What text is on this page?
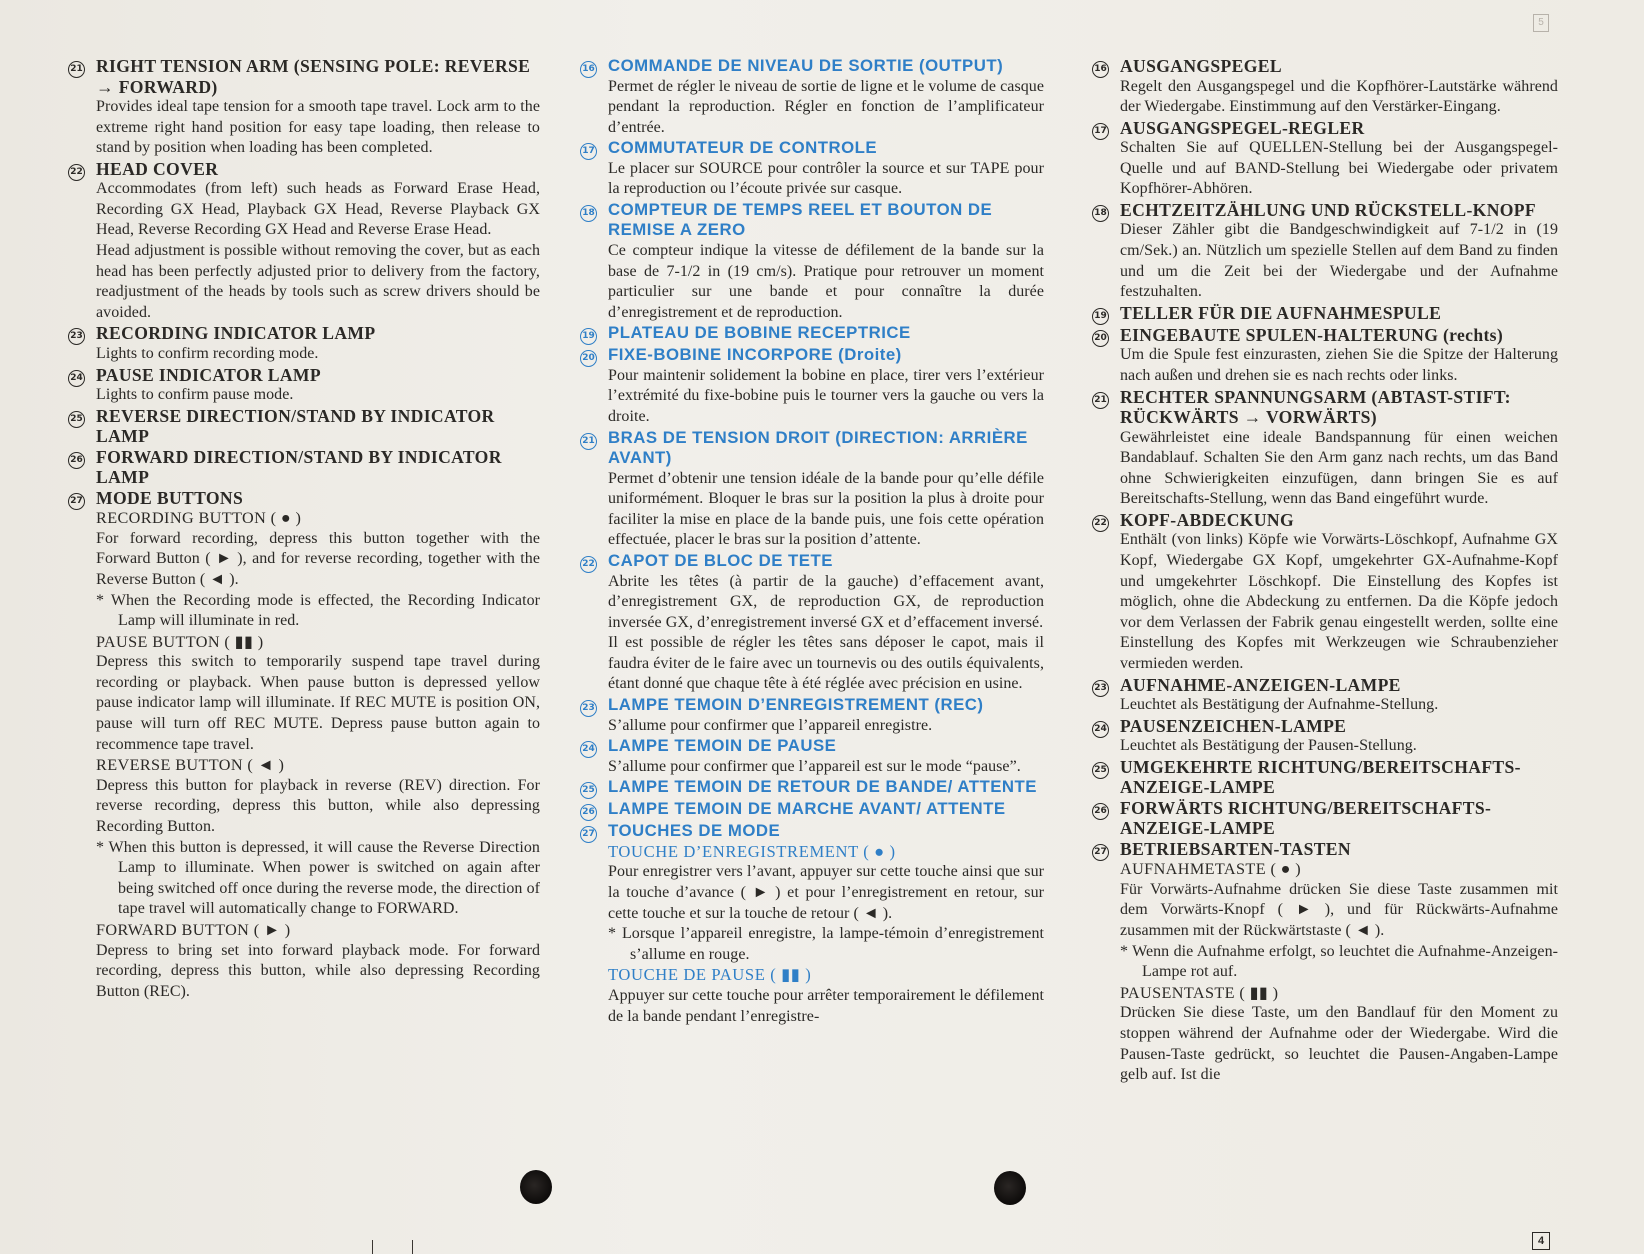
5
21 RIGHT TENSION ARM (SENSING POLE: REVERSE → FORWARD)

Provides ideal tape tension for a smooth tape travel. Lock arm to the extreme right hand position for easy tape loading, then release to stand by position when loading has been completed.

22 HEAD COVER

Accommodates (from left) such heads as Forward Erase Head, Recording GX Head, Playback GX Head, Reverse Playback GX Head, Reverse Recording GX Head and Reverse Erase Head.

Head adjustment is possible without removing the cover, but as each head has been perfectly adjusted prior to delivery from the factory, readjustment of the heads by tools such as screw drivers should be avoided.

23 RECORDING INDICATOR LAMP

Lights to confirm recording mode.

24 PAUSE INDICATOR LAMP

Lights to confirm pause mode.

25 REVERSE DIRECTION/STAND BY INDICATOR LAMP
26 FORWARD DIRECTION/STAND BY INDICATOR LAMP
27 MODE BUTTONS

RECORDING BUTTON ( ● )

For forward recording, depress this button together with the Forward Button ( ► ), and for reverse recording, together with the Reverse Button ( ◄ ).

* When the Recording mode is effected, the Recording Indicator Lamp will illuminate in red.

PAUSE BUTTON ( ▮▮ )

Depress this switch to temporarily suspend tape travel during recording or playback. When pause button is depressed yellow pause indicator lamp will illuminate. If REC MUTE is position ON, pause will turn off REC MUTE. Depress pause button again to recommence tape travel.

REVERSE BUTTON ( ◄ )

Depress this button for playback in reverse (REV) direction. For reverse recording, depress this button, while also depressing Recording Button.

* When this button is depressed, it will cause the Reverse Direction Lamp to illuminate. When power is switched on again after being switched off once during the reverse mode, the direction of tape travel will automatically change to FORWARD.

FORWARD BUTTON ( ► )

Depress to bring set into forward playback mode. For forward recording, depress this button, while also depressing Recording Button (REC).

16 COMMANDE DE NIVEAU DE SORTIE (OUTPUT)

Permet de régler le niveau de sortie de ligne et le volume de casque pendant la reproduction. Régler en fonction de l’amplificateur d’entrée.

17 COMMUTATEUR DE CONTROLE

Le placer sur SOURCE pour contrôler la source et sur TAPE pour la reproduction ou l’écoute privée sur casque.

18 COMPTEUR DE TEMPS REEL ET BOUTON DE REMISE A ZERO

Ce compteur indique la vitesse de défilement de la bande sur la base de 7-1/2 in (19 cm/s). Pratique pour retrouver un moment particulier sur une bande et pour connaître la durée d’enregistrement et de reproduction.

19 PLATEAU DE BOBINE RECEPTRICE
20 FIXE-BOBINE INCORPORE (Droite)

Pour maintenir solidement la bobine en place, tirer vers l’extérieur l’extrémité du fixe-bobine puis le tourner vers la gauche ou vers la droite.

21 BRAS DE TENSION DROIT (DIRECTION: ARRIÈRE AVANT)

Permet d’obtenir une tension idéale de la bande pour qu’elle défile uniformément. Bloquer le bras sur la position la plus à droite pour faciliter la mise en place de la bande puis, une fois cette opération effectuée, placer le bras sur la position d’attente.

22 CAPOT DE BLOC DE TETE

Abrite les têtes (à partir de la gauche) d’effacement avant, d’enregistrement GX, de reproduction GX, de reproduction inversée GX, d’enregistrement inversé GX et d’effacement inversé.

Il est possible de régler les têtes sans déposer le capot, mais il faudra éviter de le faire avec un tournevis ou des outils équivalents, étant donné que chaque tête à été réglée avec précision en usine.

23 LAMPE TEMOIN D’ENREGISTREMENT (REC)

S’allume pour confirmer que l’appareil enregistre.

24 LAMPE TEMOIN DE PAUSE

S’allume pour confirmer que l’appareil est sur le mode “pause”.

25 LAMPE TEMOIN DE RETOUR DE BANDE/ ATTENTE
26 LAMPE TEMOIN DE MARCHE AVANT/ ATTENTE
27 TOUCHES DE MODE

TOUCHE D’ENREGISTREMENT ( ● )

Pour enregistrer vers l’avant, appuyer sur cette touche ainsi que sur la touche d’avance ( ► ) et pour l’enregistrement en retour, sur cette touche et sur la touche de retour ( ◄ ).

* Lorsque l’appareil enregistre, la lampe-témoin d’enregistrement s’allume en rouge.

TOUCHE DE PAUSE ( ▮▮ )

Appuyer sur cette touche pour arrêter temporairement le défilement de la bande pendant l’enregistre-

16 AUSGANGSPEGEL

Regelt den Ausgangspegel und die Kopfhörer-Lautstärke während der Wiedergabe. Einstimmung auf den Verstärker-Eingang.

17 AUSGANGSPEGEL-REGLER

Schalten Sie auf QUELLEN-Stellung bei der Ausgangspegel-Quelle und auf BAND-Stellung bei Wiedergabe oder privatem Kopfhörer-Abhören.

18 ECHTZEITZÄHLUNG UND RÜCKSTELL-KNOPF

Dieser Zähler gibt die Bandgeschwindigkeit auf 7-1/2 in (19 cm/Sek.) an. Nützlich um spezielle Stellen auf dem Band zu finden und um die Zeit bei der Wiedergabe und der Aufnahme festzuhalten.

19 TELLER FÜR DIE AUFNAHMESPULE
20 EINGEBAUTE SPULEN-HALTERUNG (rechts)

Um die Spule fest einzurasten, ziehen Sie die Spitze der Halterung nach außen und drehen sie es nach rechts oder links.

21 RECHTER SPANNUNGSARM (ABTAST-STIFT: RÜCKWÄRTS → VORWÄRTS)

Gewährleistet eine ideale Bandspannung für einen weichen Bandablauf. Schalten Sie den Arm ganz nach rechts, um das Band ohne Schwierigkeiten einzufügen, dann bringen Sie es auf Bereitschafts-Stellung, wenn das Band eingeführt wurde.

22 KOPF-ABDECKUNG

Enthält (von links) Köpfe wie Vorwärts-Löschkopf, Aufnahme GX Kopf, Wiedergabe GX Kopf, umgekehrter GX-Aufnahme-Kopf und umgekehrter Löschkopf. Die Einstellung des Kopfes ist möglich, ohne die Abdeckung zu entfernen. Da die Köpfe jedoch vor dem Verlassen der Fabrik genau eingestellt werden, sollte eine Einstellung des Kopfes mit Werkzeugen wie Schraubenzieher vermieden werden.

23 AUFNAHME-ANZEIGEN-LAMPE

Leuchtet als Bestätigung der Aufnahme-Stellung.

24 PAUSENZEICHEN-LAMPE

Leuchtet als Bestätigung der Pausen-Stellung.

25 UMGEKEHRTE RICHTUNG/BEREITSCHAFTS-ANZEIGE-LAMPE
26 FORWÄRTS RICHTUNG/BEREITSCHAFTS-ANZEIGE-LAMPE
27 BETRIEBSARTEN-TASTEN

AUFNAHMETASTE ( ● )

Für Vorwärts-Aufnahme drücken Sie diese Taste zusammen mit dem Vorwärts-Knopf ( ► ), und für Rückwärts-Aufnahme zusammen mit der Rückwärtstaste ( ◄ ).

* Wenn die Aufnahme erfolgt, so leuchtet die Aufnahme-Anzeigen-Lampe rot auf.

PAUSENTASTE ( ▮▮ )

Drücken Sie diese Taste, um den Bandlauf für den Moment zu stoppen während der Aufnahme oder der Wiedergabe. Wird die Pausen-Taste gedrückt, so leuchtet die Pausen-Angaben-Lampe gelb auf. Ist die

4
